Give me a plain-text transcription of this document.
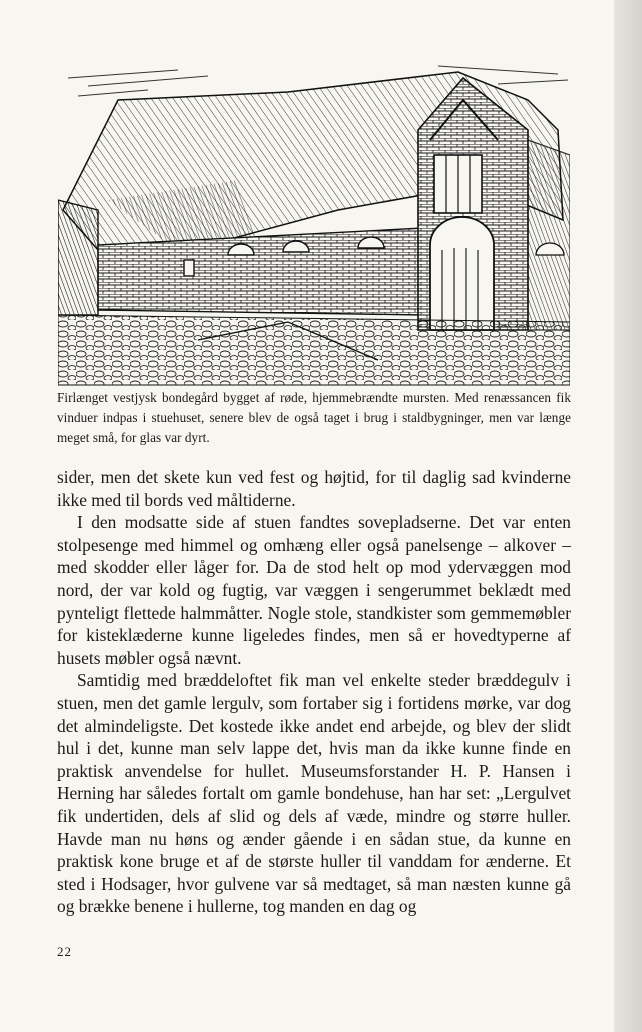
Firlænget vestjysk bondegård bygget af røde, hjemmebrændte mursten. Med renæssancen fik vinduer indpas i stuehuset, senere blev de også taget i brug i staldbygninger, men var længe meget små, for glas var dyrt.

sider, men det skete kun ved fest og højtid, for til daglig sad kvinderne ikke med til bords ved måltiderne.

I den modsatte side af stuen fandtes sovepladserne. Det var enten stolpesenge med himmel og omhæng eller også panelsenge – alkover – med skodder eller låger for. Da de stod helt op mod ydervæggen mod nord, der var kold og fugtig, var væggen i sengerummet beklædt med pynteligt flettede halmmåtter. Nogle stole, standkister som gemmemøbler for kisteklæderne kunne ligeledes findes, men så er hovedtyperne af husets møbler også nævnt.

Samtidig med bræddeloftet fik man vel enkelte steder bræddegulv i stuen, men det gamle lergulv, som fortaber sig i fortidens mørke, var dog det almindeligste. Det kostede ikke andet end arbejde, og blev der slidt hul i det, kunne man selv lappe det, hvis man da ikke kunne finde en praktisk anvendelse for hullet. Museumsforstander H. P. Hansen i Herning har således fortalt om gamle bondehuse, han har set: „Lergulvet fik undertiden, dels af slid og dels af væde, mindre og større huller. Havde man nu høns og ænder gående i en sådan stue, da kunne en praktisk kone bruge et af de største huller til vanddam for ænderne. Et sted i Hodsager, hvor gulvene var så medtaget, så man næsten kunne gå og brække benene i hullerne, tog manden en dag og

22
